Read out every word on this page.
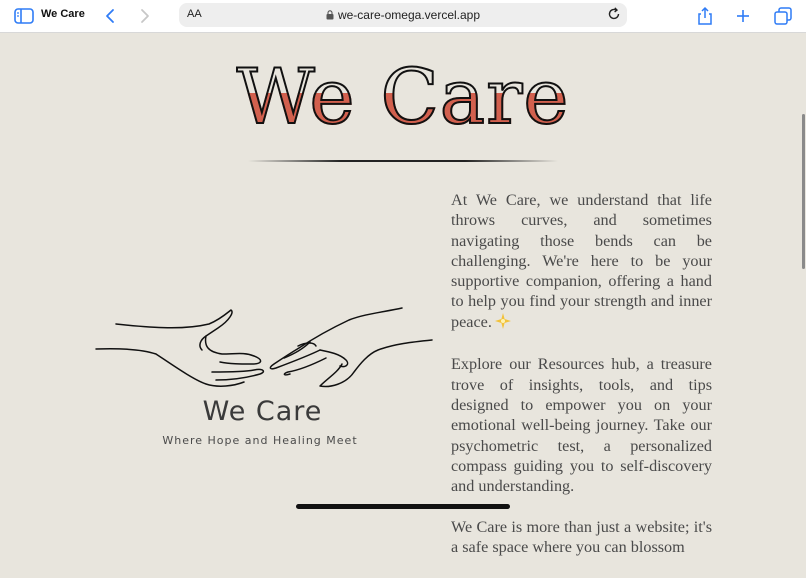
We Care	AA	we-care-omega.vercel.app
We Care
We Care
Where Hope and Healing Meet

At We Care, we understand that life throws curves, and sometimes navigating those bends can be challenging. We're here to be your supportive companion, offering a hand to help you find your strength and inner peace.

Explore our Resources hub, a treasure trove of insights, tools, and tips designed to empower you on your emotional well-being journey. Take our psychometric test, a personalized compass guiding you to self-discovery and understanding.

We Care is more than just a website; it's a safe space where you can blossom
